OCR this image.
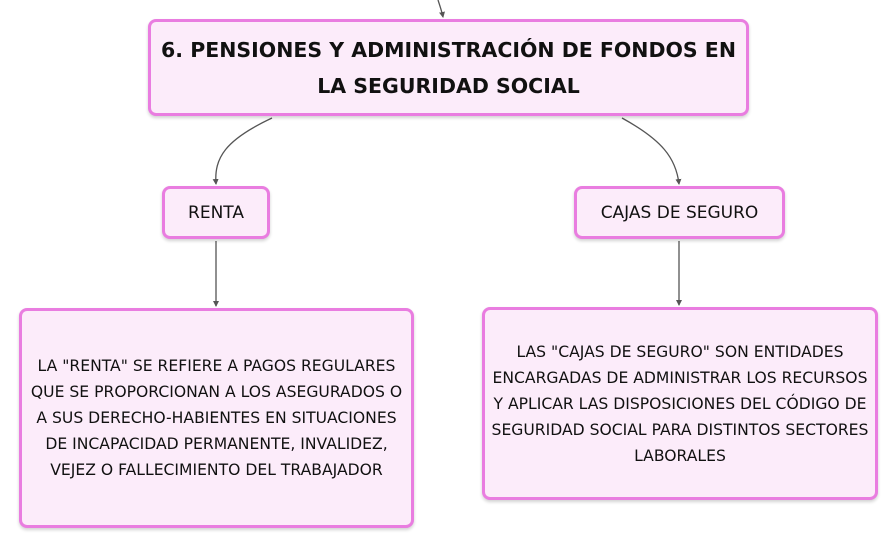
6. PENSIONES Y ADMINISTRACIÓN DE FONDOS EN LA SEGURIDAD SOCIAL
RENTA	CAJAS DE SEGURO
LA "RENTA" SE REFIERE A PAGOS REGULARES QUE SE PROPORCIONAN A LOS ASEGURADOS O A SUS DERECHO-HABIENTES EN SITUACIONES DE INCAPACIDAD PERMANENTE, INVALIDEZ, VEJEZ O FALLECIMIENTO DEL TRABAJADOR
LAS "CAJAS DE SEGURO" SON ENTIDADES ENCARGADAS DE ADMINISTRAR LOS RECURSOS Y APLICAR LAS DISPOSICIONES DEL CÓDIGO DE SEGURIDAD SOCIAL PARA DISTINTOS SECTORES LABORALES
